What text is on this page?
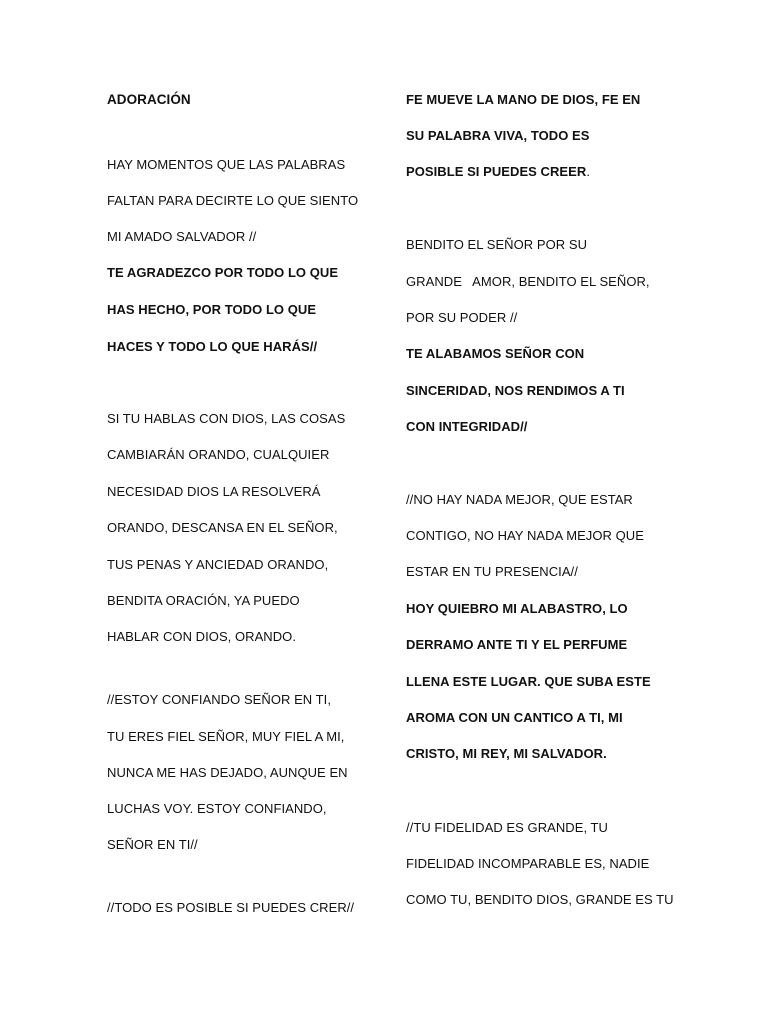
ADORACIÓN
HAY MOMENTOS QUE LAS PALABRAS
FALTAN PARA DECIRTE LO QUE SIENTO
MI AMADO SALVADOR //
TE AGRADEZCO POR TODO LO QUE
HAS HECHO, POR TODO LO QUE
HACES Y TODO LO QUE HARÁS//
SI TU HABLAS CON DIOS, LAS COSAS
CAMBIARÁN ORANDO, CUALQUIER
NECESIDAD DIOS LA RESOLVERÁ
ORANDO, DESCANSA EN EL SEÑOR,
TUS PENAS Y ANCIEDAD ORANDO,
BENDITA ORACIÓN, YA PUEDO
HABLAR CON DIOS, ORANDO.
//ESTOY CONFIANDO SEÑOR EN TI,
TU ERES FIEL SEÑOR, MUY FIEL A MI,
NUNCA ME HAS DEJADO, AUNQUE EN
LUCHAS VOY. ESTOY CONFIANDO,
SEÑOR EN TI//
//TODO ES POSIBLE SI PUEDES CRER//
FE MUEVE LA MANO DE DIOS, FE EN
SU PALABRA VIVA, TODO ES
POSIBLE SI PUEDES CREER.
BENDITO EL SEÑOR POR SU
GRANDE   AMOR, BENDITO EL SEÑOR,
POR SU PODER //
TE ALABAMOS SEÑOR CON
SINCERIDAD, NOS RENDIMOS A TI
CON INTEGRIDAD//
//NO HAY NADA MEJOR, QUE ESTAR
CONTIGO, NO HAY NADA MEJOR QUE
ESTAR EN TU PRESENCIA//
HOY QUIEBRO MI ALABASTRO, LO
DERRAMO ANTE TI Y EL PERFUME
LLENA ESTE LUGAR. QUE SUBA ESTE
AROMA CON UN CANTICO A TI, MI
CRISTO, MI REY, MI SALVADOR.
//TU FIDELIDAD ES GRANDE, TU
FIDELIDAD INCOMPARABLE ES, NADIE
COMO TU, BENDITO DIOS, GRANDE ES TU
